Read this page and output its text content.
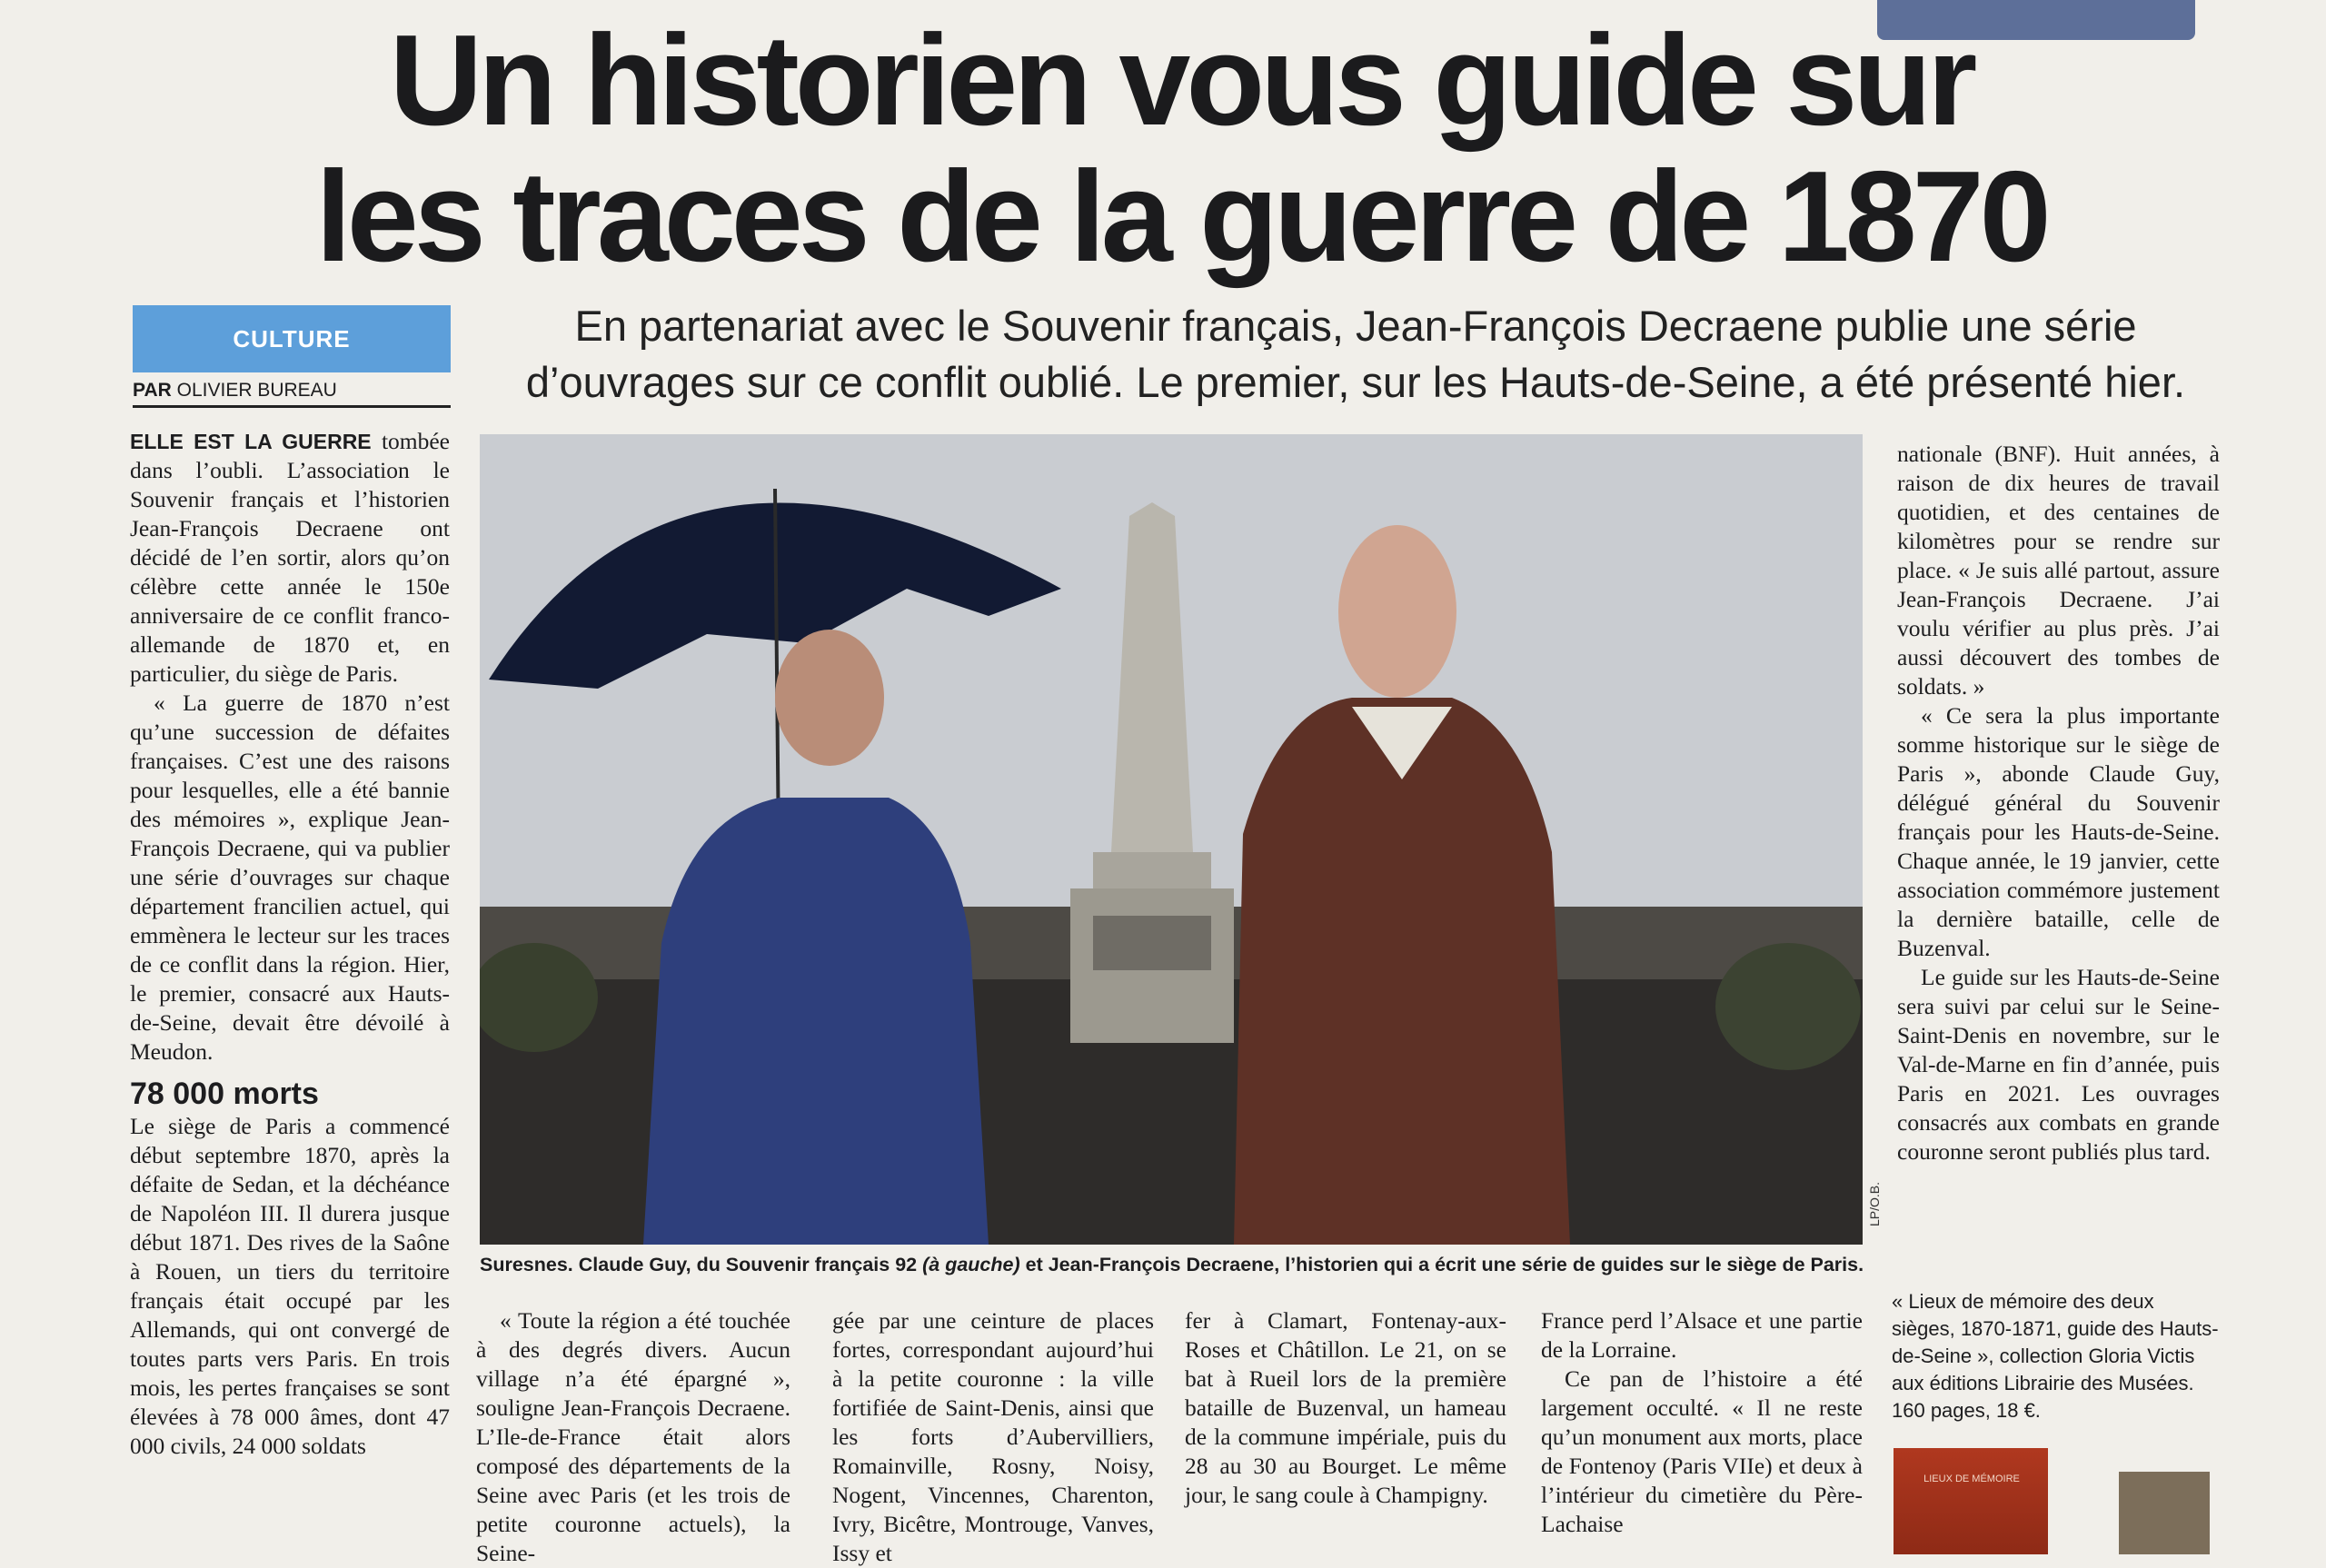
Un historien vous guide sur
les traces de la guerre de 1870
CULTURE
PAR OLIVIER BUREAU
En partenariat avec le Souvenir français, Jean-François Decraene publie une série
d’ouvrages sur ce conflit oublié. Le premier, sur les Hauts-de-Seine, a été présenté hier.

ELLE EST LA GUERRE tombée dans l’oubli. L’association le Souvenir français et l’historien Jean-François Decraene ont décidé de l’en sortir, alors qu’on célèbre cette année le 150e anniversaire de ce conflit franco-allemande de 1870 et, en particulier, du siège de Paris.

« La guerre de 1870 n’est qu’une succession de défaites françaises. C’est une des raisons pour lesquelles, elle a été bannie des mémoires », explique Jean-François Decraene, qui va publier une série d’ouvrages sur chaque département francilien actuel, qui emmènera le lecteur sur les traces de ce conflit dans la région. Hier, le premier, consacré aux Hauts-de-Seine, devait être dévoilé à Meudon.

78 000 morts

Le siège de Paris a commencé début septembre 1870, après la défaite de Sedan, et la déchéance de Napoléon III. Il durera jusque début 1871. Des rives de la Saône à Rouen, un tiers du territoire français était occupé par les Allemands, qui ont convergé de toutes parts vers Paris. En trois mois, les pertes françaises se sont élevées à 78 000 âmes, dont 47 000 civils, 24 000 soldats

LP/O.B.
Suresnes. Claude Guy, du Souvenir français 92 (à gauche) et Jean-François Decraene, l’historien qui a écrit une série de guides sur le siège de Paris.

nationale (BNF). Huit années, à raison de dix heures de travail quotidien, et des centaines de kilomètres pour se rendre sur place. « Je suis allé partout, assure Jean-François Decraene. J’ai voulu vérifier au plus près. J’ai aussi découvert des tombes de soldats. »

« Ce sera la plus importante somme historique sur le siège de Paris », abonde Claude Guy, délégué général du Souvenir français pour les Hauts-de-Seine. Chaque année, le 19 janvier, cette association commémore justement la dernière bataille, celle de Buzenval.

Le guide sur les Hauts-de-Seine sera suivi par celui sur le Seine-Saint-Denis en novembre, sur le Val-de-Marne en fin d’année, puis Paris en 2021. Les ouvrages consacrés aux combats en grande couronne seront publiés plus tard.

« Toute la région a été touchée à des degrés divers. Aucun village n’a été épargné », souligne Jean-François Decraene. L’Ile-de-France était alors composé des départements de la Seine avec Paris (et les trois de petite couronne actuels), la Seine-

gée par une ceinture de places fortes, correspondant aujourd’hui à la petite couronne : la ville fortifiée de Saint-Denis, ainsi que les forts d’Aubervilliers, Romainville, Rosny, Noisy, Nogent, Vincennes, Charenton, Ivry, Bicêtre, Montrouge, Vanves, Issy et

fer à Clamart, Fontenay-aux-Roses et Châtillon. Le 21, on se bat à Rueil lors de la première bataille de Buzenval, un hameau de la commune impériale, puis du 28 au 30 au Bourget. Le même jour, le sang coule à Champigny.

France perd l’Alsace et une partie de la Lorraine.

Ce pan de l’histoire a été largement occulté. « Il ne reste qu’un monument aux morts, place de Fontenoy (Paris VIIe) et deux à l’intérieur du cimetière du Père-Lachaise

« Lieux de mémoire des deux sièges, 1870-1871, guide des Hauts-de-Seine », collection Gloria Victis aux éditions Librairie des Musées. 160 pages, 18 €.
LIEUX DE MÉMOIRE
